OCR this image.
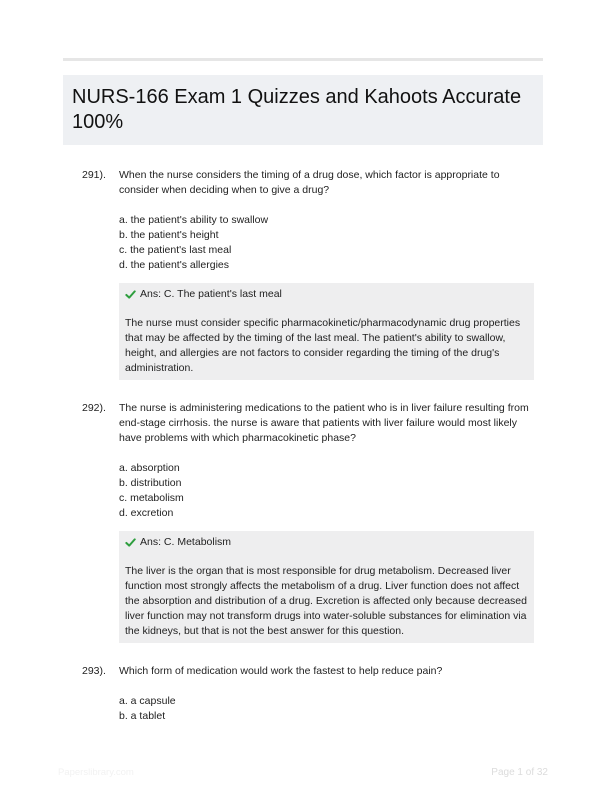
NURS-166 Exam 1 Quizzes and Kahoots Accurate 100%
291). When the nurse considers the timing of a drug dose, which factor is appropriate to consider when deciding when to give a drug?
a. the patient's ability to swallow
b. the patient's height
c. the patient's last meal
d. the patient's allergies
Ans: C. The patient's last meal

The nurse must consider specific pharmacokinetic/pharmacodynamic drug properties that may be affected by the timing of the last meal. The patient's ability to swallow, height, and allergies are not factors to consider regarding the timing of the drug's administration.

292). The nurse is administering medications to the patient who is in liver failure resulting from end-stage cirrhosis. the nurse is aware that patients with liver failure would most likely have problems with which pharmacokinetic phase?
a. absorption
b. distribution
c. metabolism
d. excretion
Ans: C. Metabolism

The liver is the organ that is most responsible for drug metabolism. Decreased liver function most strongly affects the metabolism of a drug. Liver function does not affect the absorption and distribution of a drug. Excretion is affected only because decreased liver function may not transform drugs into water-soluble substances for elimination via the kidneys, but that is not the best answer for this question.

293). Which form of medication would work the fastest to help reduce pain?
a. a capsule
b. a tablet
Paperslibrary.com	Page 1 of 32
